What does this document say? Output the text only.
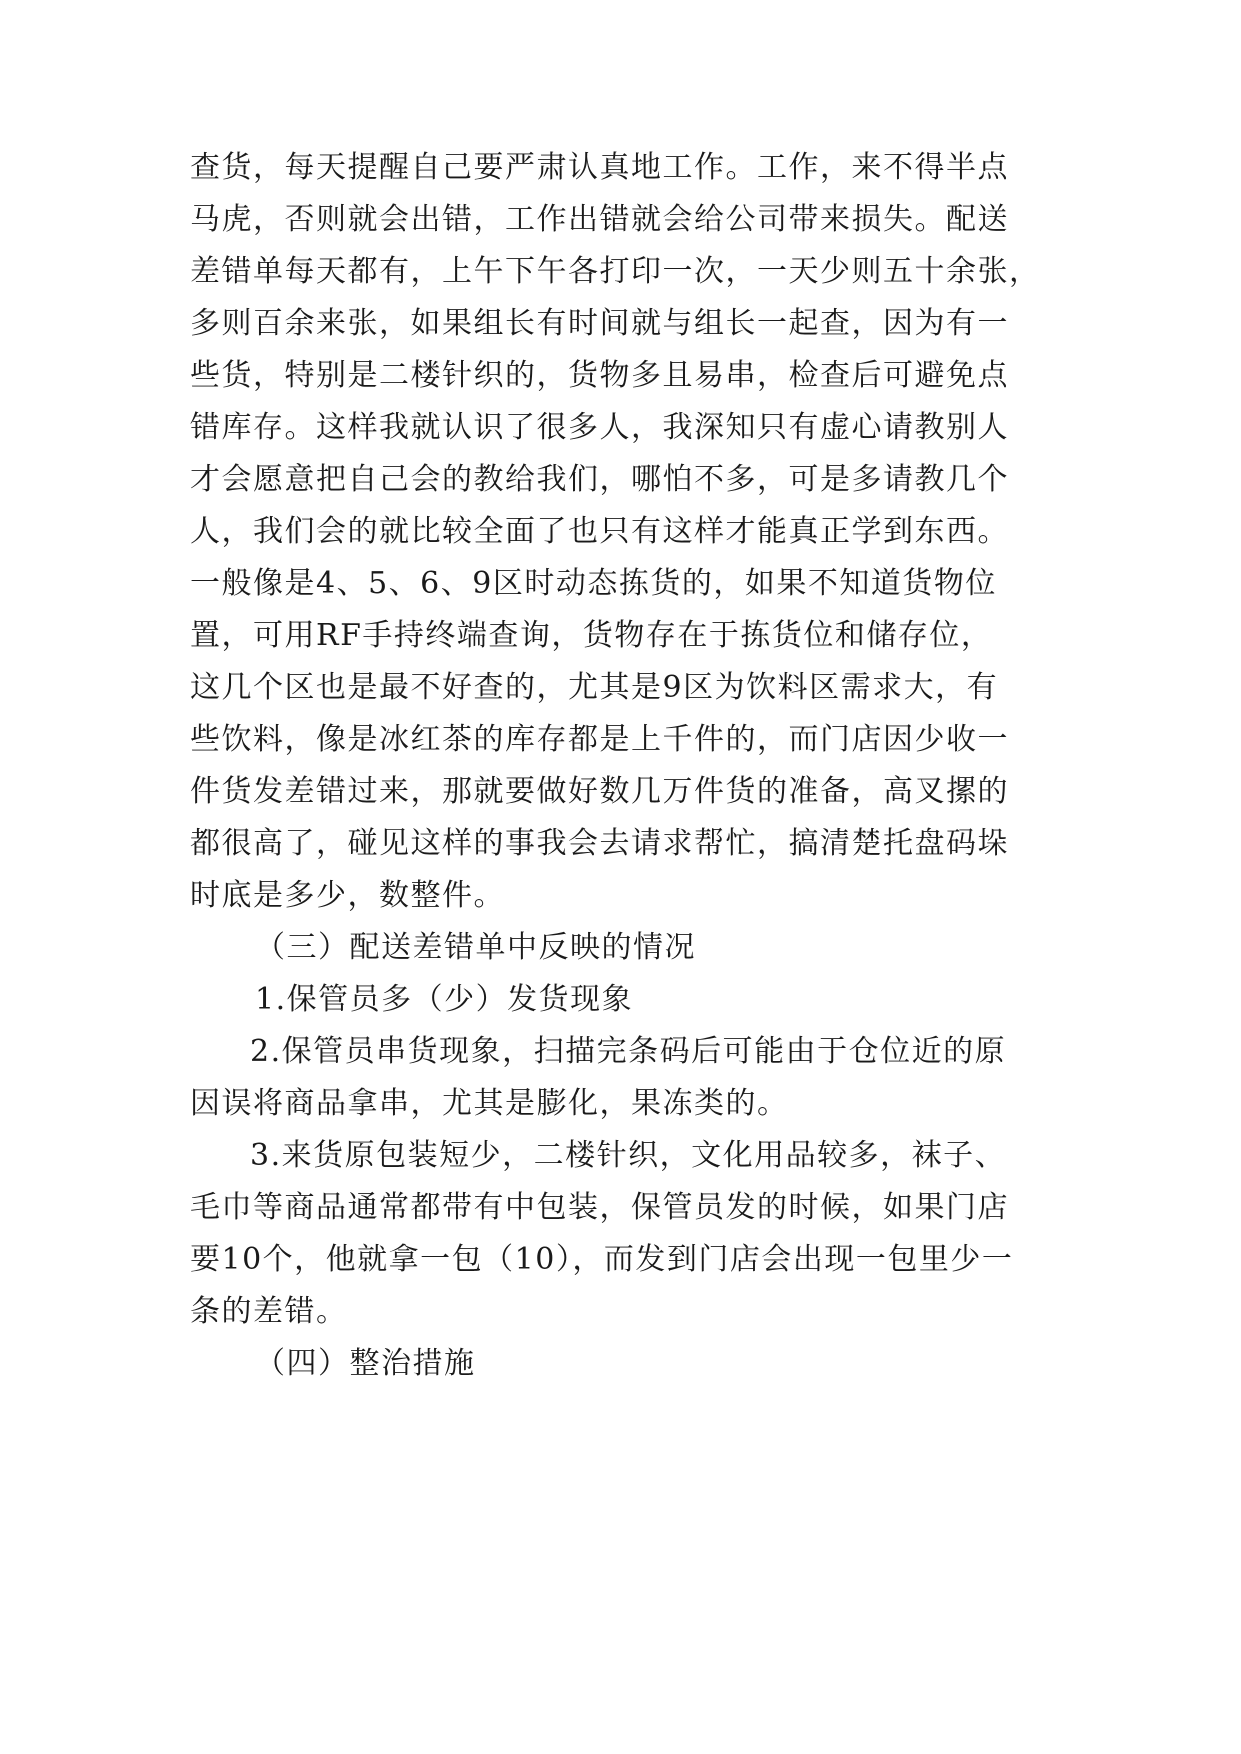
查货，每天提醒自己要严肃认真地工作。工作，来不得半点
马虎，否则就会出错，工作出错就会给公司带来损失。配送
差错单每天都有，上午下午各打印一次，一天少则五十余张，
多则百余来张，如果组长有时间就与组长一起查，因为有一
些货，特别是二楼针织的，货物多且易串，检查后可避免点
错库存。这样我就认识了很多人，我深知只有虚心请教别人
才会愿意把自己会的教给我们，哪怕不多，可是多请教几个
人，我们会的就比较全面了也只有这样才能真正学到东西。
一般像是4、5、6、9区时动态拣货的，如果不知道货物位
置，可用RF手持终端查询，货物存在于拣货位和储存位，
这几个区也是最不好查的，尤其是9区为饮料区需求大，有
些饮料，像是冰红茶的库存都是上千件的，而门店因少收一
件货发差错过来，那就要做好数几万件货的准备，高叉摞的
都很高了，碰见这样的事我会去请求帮忙，搞清楚托盘码垛
时底是多少，数整件。
（三）配送差错单中反映的情况
1.保管员多（少）发货现象
2.保管员串货现象，扫描完条码后可能由于仓位近的原
因误将商品拿串，尤其是膨化，果冻类的。
3.来货原包装短少，二楼针织，文化用品较多，袜子、
毛巾等商品通常都带有中包装，保管员发的时候，如果门店
要10个，他就拿一包（10），而发到门店会出现一包里少一
条的差错。
（四）整治措施
